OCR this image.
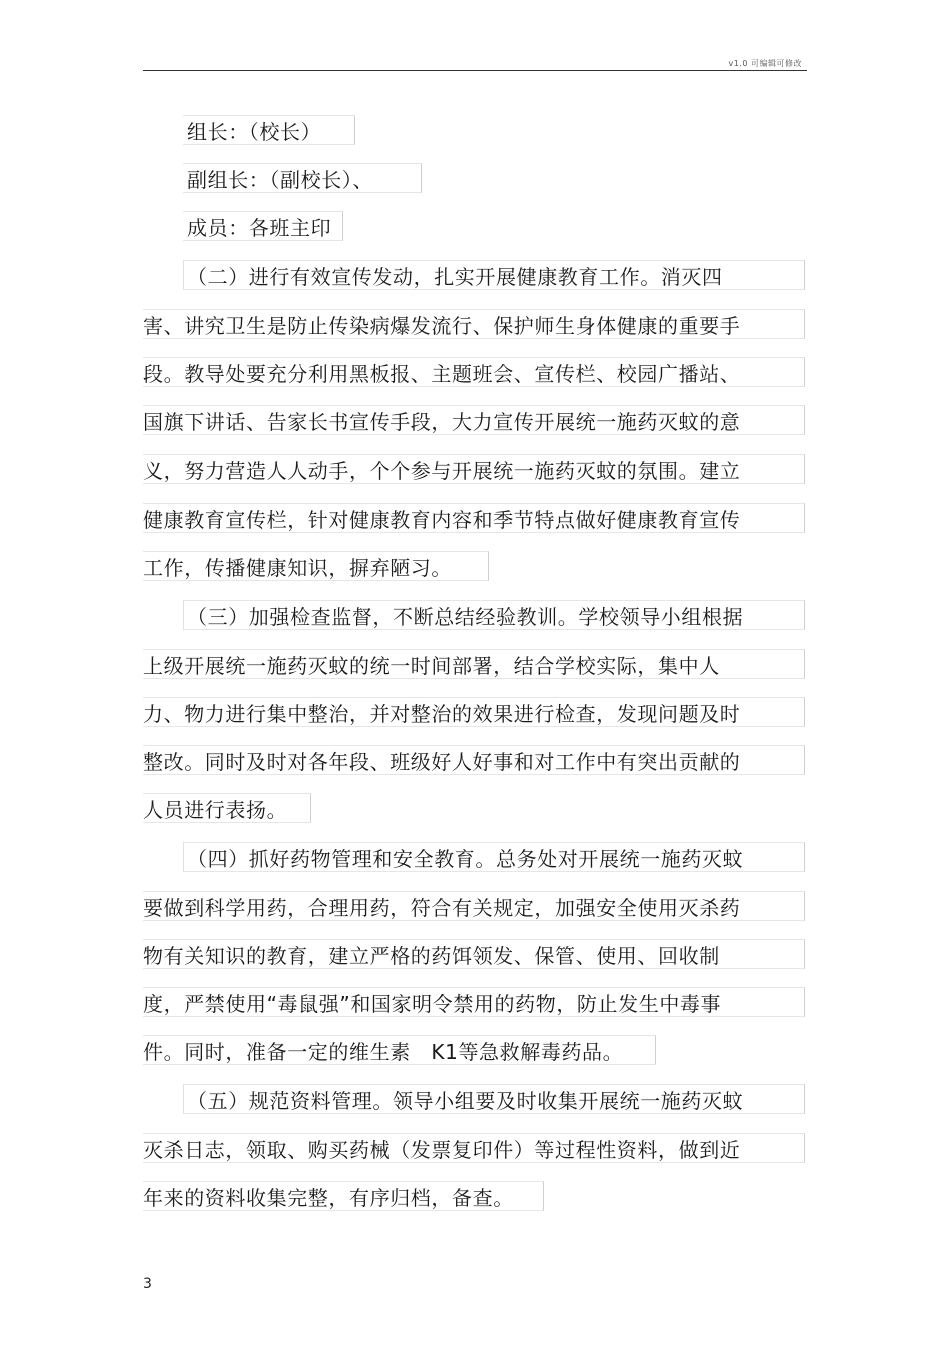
v1.0 可编辑可修改
组长：（校长）
副组长：（副校长）、
成员：各班主印
（二）进行有效宣传发动，扎实开展健康教育工作。消灭四
害、讲究卫生是防止传染病爆发流行、保护师生身体健康的重要手
段。教导处要充分利用黑板报、主题班会、宣传栏、校园广播站、
国旗下讲话、告家长书宣传手段，大力宣传开展统一施药灭蚊的意
义，努力营造人人动手，个个参与开展统一施药灭蚊的氛围。建立
健康教育宣传栏，针对健康教育内容和季节特点做好健康教育宣传
工作，传播健康知识，摒弃陋习。
（三）加强检查监督，不断总结经验教训。学校领导小组根据
上级开展统一施药灭蚊的统一时间部署，结合学校实际，集中人
力、物力进行集中整治，并对整治的效果进行检查，发现问题及时
整改。同时及时对各年段、班级好人好事和对工作中有突出贡献的
人员进行表扬。
（四）抓好药物管理和安全教育。总务处对开展统一施药灭蚊
要做到科学用药，合理用药，符合有关规定，加强安全使用灭杀药
物有关知识的教育，建立严格的药饵领发、保管、使用、回收制
度，严禁使用“毒鼠强”和国家明令禁用的药物，防止发生中毒事
件。同时，准备一定的维生素　K1等急救解毒药品。
（五）规范资料管理。领导小组要及时收集开展统一施药灭蚊
灭杀日志，领取、购买药械（发票复印件）等过程性资料，做到近
年来的资料收集完整，有序归档，备查。
3
